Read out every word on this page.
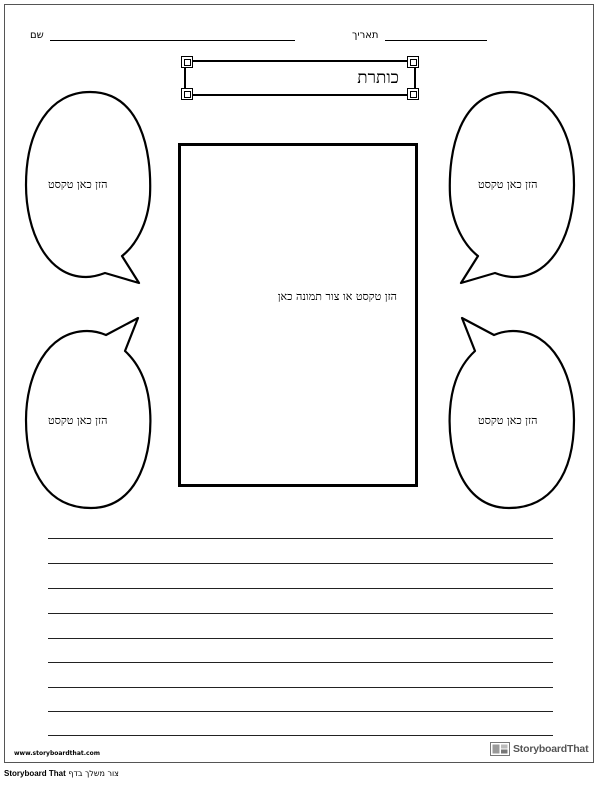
שם	תאריך
כותרת
הזן כאן טקסט
הזן כאן טקסט
הזן כאן טקסט
הזן כאן טקסט
הזן טקסט או צור תמונה כאן
www.storyboardthat.com	StoryboardThat
Storyboard That צור משלך בדף
